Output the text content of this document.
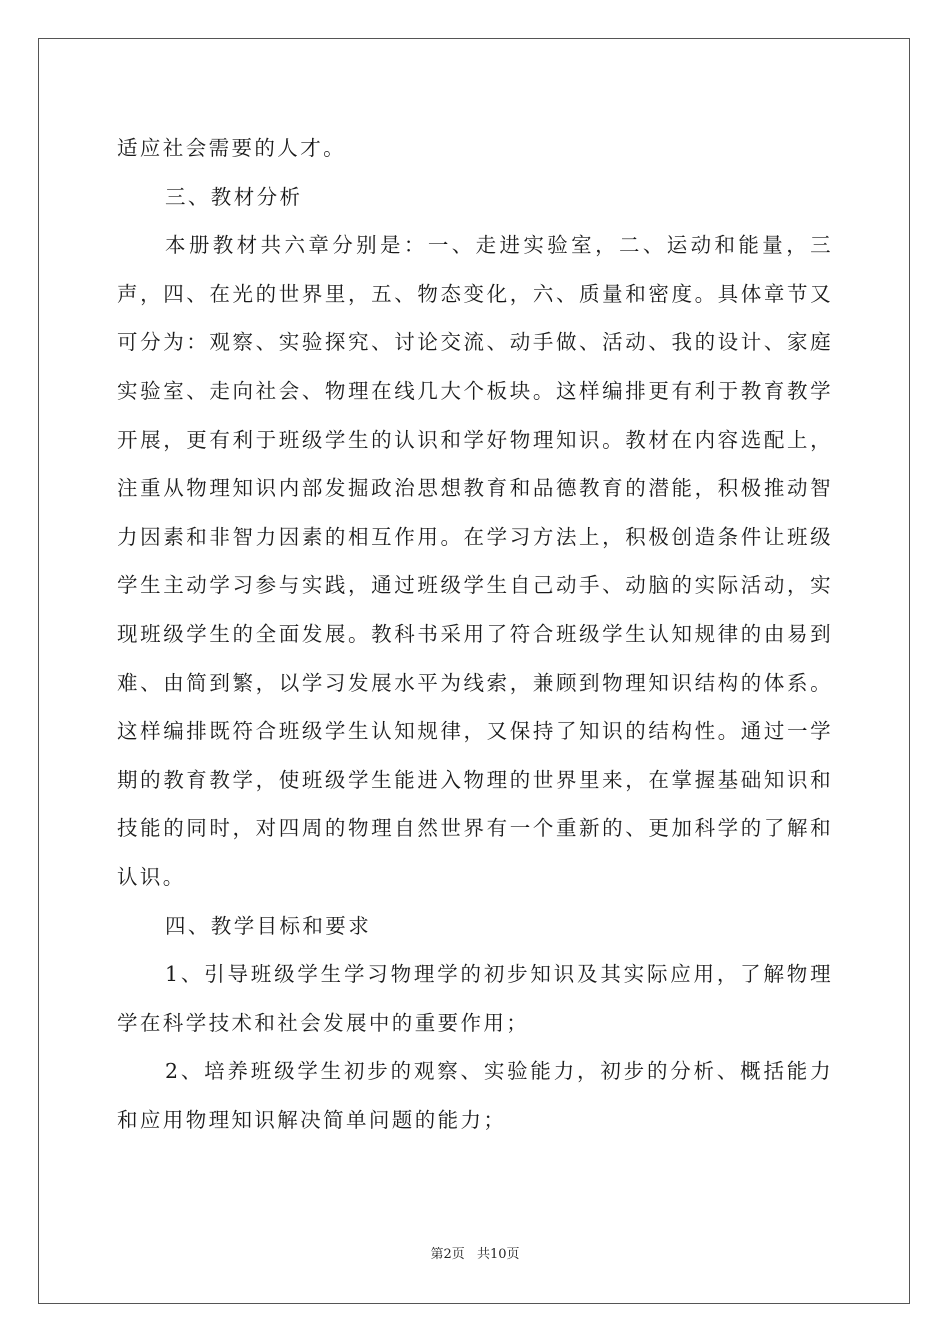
适应社会需要的人才。

三、教材分析

本册教材共六章分别是：一、走进实验室，二、运动和能量，三声，四、在光的世界里，五、物态变化，六、质量和密度。具体章节又可分为：观察、实验探究、讨论交流、动手做、活动、我的设计、家庭实验室、走向社会、物理在线几大个板块。这样编排更有利于教育教学开展，更有利于班级学生的认识和学好物理知识。教材在内容选配上，注重从物理知识内部发掘政治思想教育和品德教育的潜能，积极推动智力因素和非智力因素的相互作用。在学习方法上，积极创造条件让班级学生主动学习参与实践，通过班级学生自己动手、动脑的实际活动，实现班级学生的全面发展。教科书采用了符合班级学生认知规律的由易到难、由简到繁，以学习发展水平为线索，兼顾到物理知识结构的体系。这样编排既符合班级学生认知规律，又保持了知识的结构性。通过一学期的教育教学，使班级学生能进入物理的世界里来，在掌握基础知识和技能的同时，对四周的物理自然世界有一个重新的、更加科学的了解和认识。

四、教学目标和要求

1、引导班级学生学习物理学的初步知识及其实际应用，了解物理学在科学技术和社会发展中的重要作用；

2、培养班级学生初步的观察、实验能力，初步的分析、概括能力和应用物理知识解决简单问题的能力；

第2页 共10页
